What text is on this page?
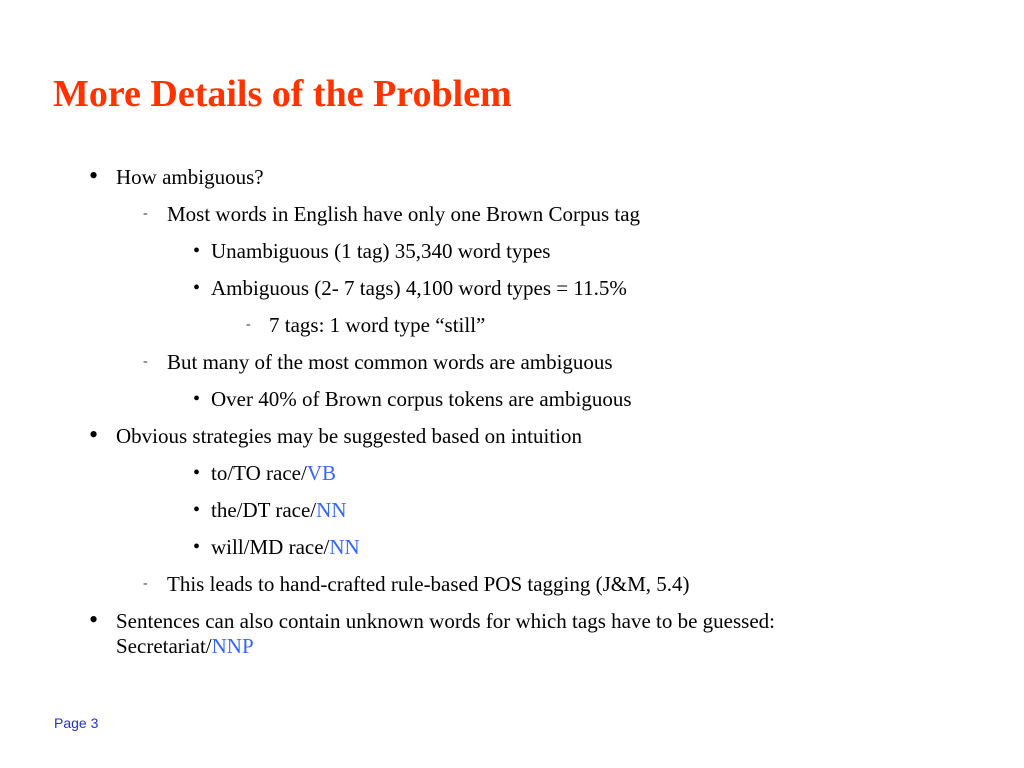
More Details of the Problem
• How ambiguous?
- Most words in English have only one Brown Corpus tag
• Unambiguous (1 tag) 35,340 word types
• Ambiguous (2- 7 tags) 4,100 word types = 11.5%
- 7 tags: 1 word type “still”
- But many of the most common words are ambiguous
• Over 40% of Brown corpus tokens are ambiguous
• Obvious strategies may be suggested based on intuition
• to/TO race/VB
• the/DT race/NN
• will/MD race/NN
- This leads to hand-crafted rule-based POS tagging (J&M, 5.4)
• Sentences can also contain unknown words for which tags have to be guessed:
Secretariat/NNP
Page 3
